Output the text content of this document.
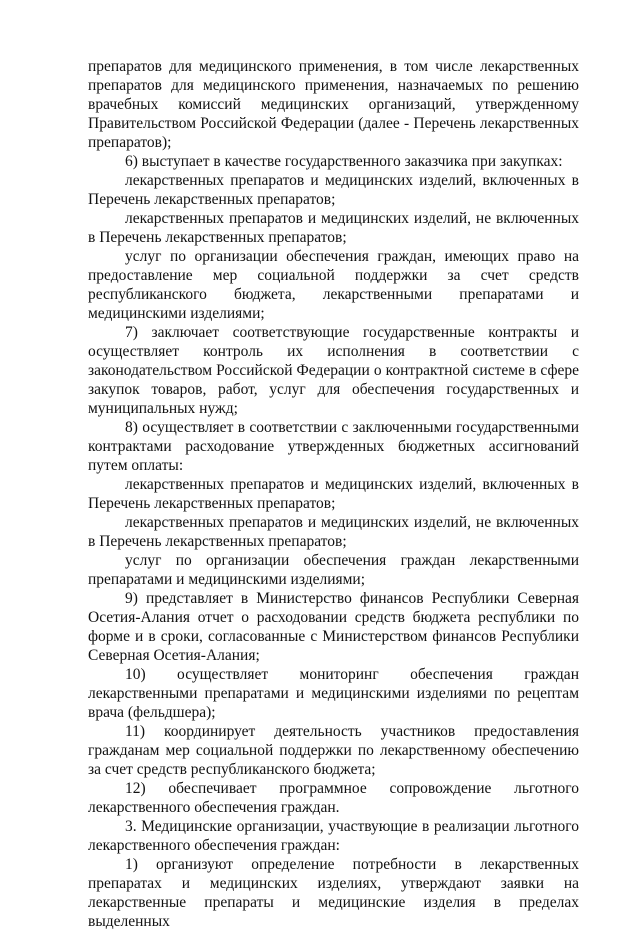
препаратов для медицинского применения, в том числе лекарственных препаратов для медицинского применения, назначаемых по решению врачебных комиссий медицинских организаций, утвержденному Правительством Российской Федерации (далее - Перечень лекарственных препаратов);

6) выступает в качестве государственного заказчика при закупках:

лекарственных препаратов и медицинских изделий, включенных в Перечень лекарственных препаратов;

лекарственных препаратов и медицинских изделий, не включенных в Перечень лекарственных препаратов;

услуг по организации обеспечения граждан, имеющих право на предоставление мер социальной поддержки за счет средств республиканского бюджета, лекарственными препаратами и медицинскими изделиями;

7) заключает соответствующие государственные контракты и осуществляет контроль их исполнения в соответствии с законодательством Российской Федерации о контрактной системе в сфере закупок товаров, работ, услуг для обеспечения государственных и муниципальных нужд;

8) осуществляет в соответствии с заключенными государственными контрактами расходование утвержденных бюджетных ассигнований путем оплаты:

лекарственных препаратов и медицинских изделий, включенных в Перечень лекарственных препаратов;

лекарственных препаратов и медицинских изделий, не включенных в Перечень лекарственных препаратов;

услуг по организации обеспечения граждан лекарственными препаратами и медицинскими изделиями;

9) представляет в Министерство финансов Республики Северная Осетия-Алания отчет о расходовании средств бюджета республики по форме и в сроки, согласованные с Министерством финансов Республики Северная Осетия-Алания;

10) осуществляет мониторинг обеспечения граждан лекарственными препаратами и медицинскими изделиями по рецептам врача (фельдшера);

11) координирует деятельность участников предоставления гражданам мер социальной поддержки по лекарственному обеспечению за счет средств республиканского бюджета;

12) обеспечивает программное сопровождение льготного лекарственного обеспечения граждан.

3. Медицинские организации, участвующие в реализации льготного лекарственного обеспечения граждан:

1) организуют определение потребности в лекарственных препаратах и медицинских изделиях, утверждают заявки на лекарственные препараты и медицинские изделия в пределах выделенных
